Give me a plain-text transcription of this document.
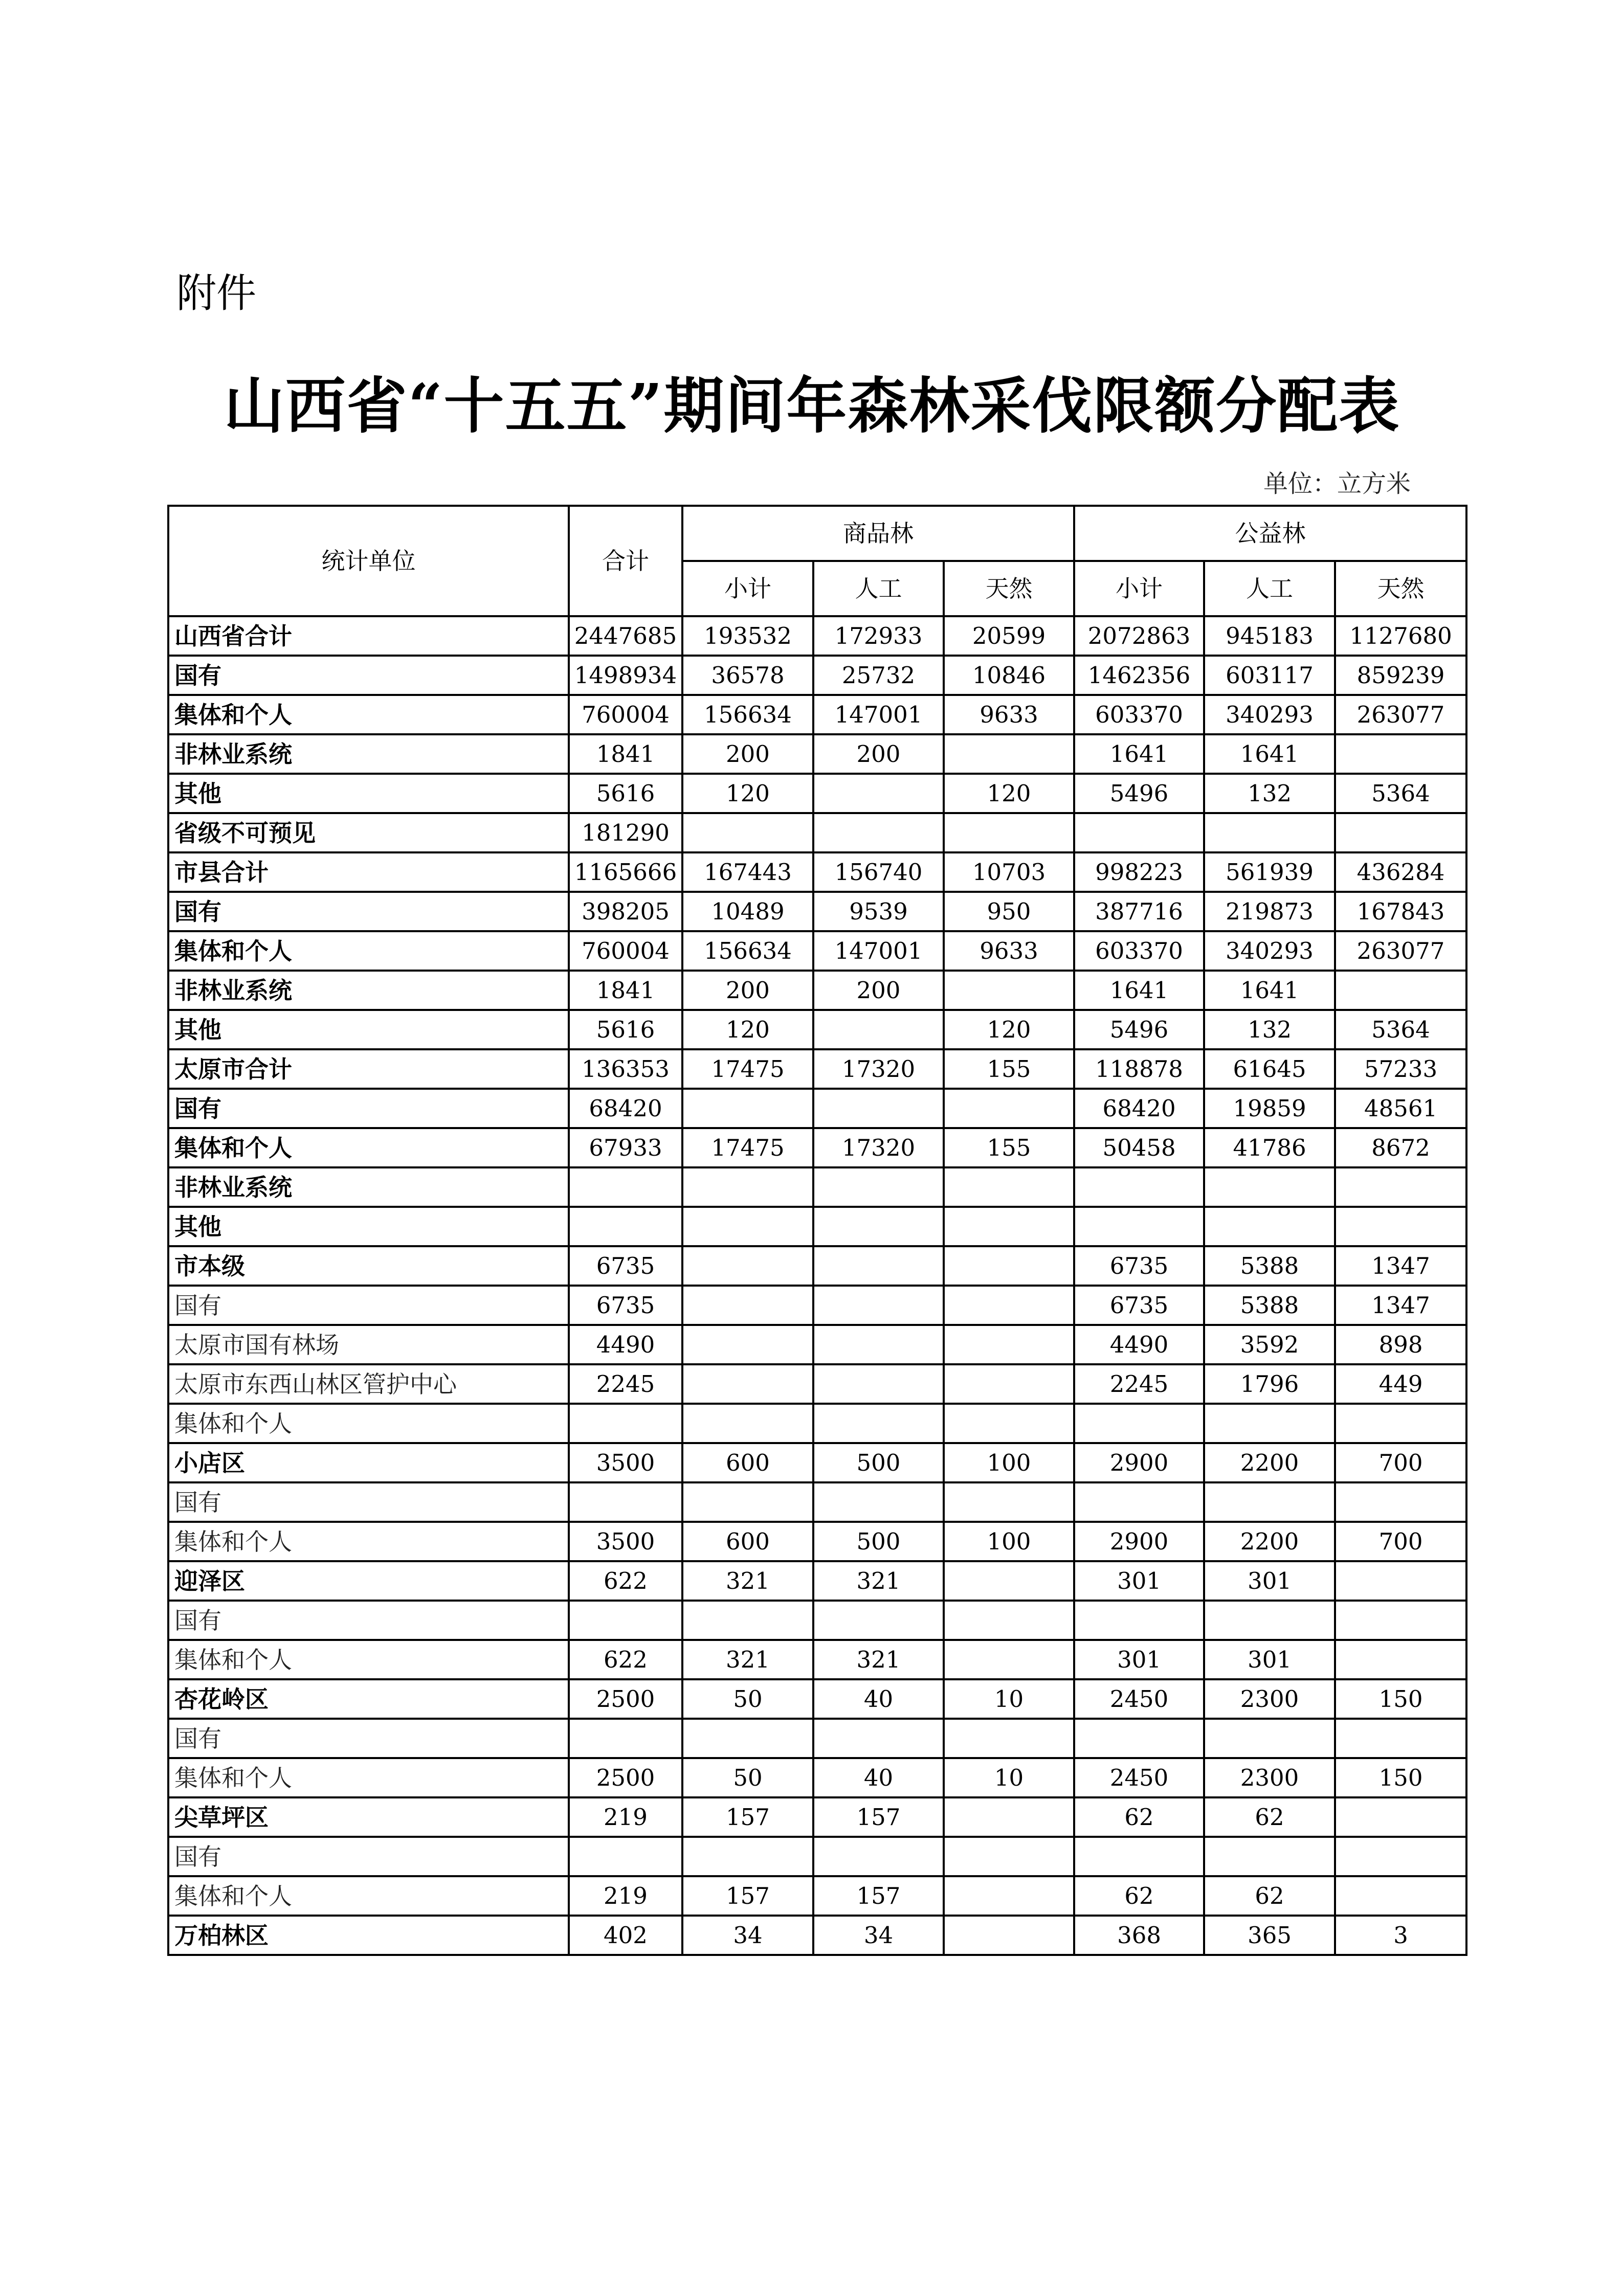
附件
山西省“十五五”期间年森林采伐限额分配表
单位：立方米
统计单位	合计	商品林			公益林		
		小计	人工	天然	小计	人工	天然
山西省合计	2447685	193532	172933	20599	2072863	945183	1127680
国有	1498934	36578	25732	10846	1462356	603117	859239
集体和个人	760004	156634	147001	9633	603370	340293	263077
非林业系统	1841	200	200		1641	1641	
其他	5616	120		120	5496	132	5364
省级不可预见	181290						
市县合计	1165666	167443	156740	10703	998223	561939	436284
国有	398205	10489	9539	950	387716	219873	167843
集体和个人	760004	156634	147001	9633	603370	340293	263077
非林业系统	1841	200	200		1641	1641	
其他	5616	120		120	5496	132	5364
太原市合计	136353	17475	17320	155	118878	61645	57233
国有	68420				68420	19859	48561
集体和个人	67933	17475	17320	155	50458	41786	8672
非林业系统							
其他							
市本级	6735				6735	5388	1347
国有	6735				6735	5388	1347
太原市国有林场	4490				4490	3592	898
太原市东西山林区管护中心	2245				2245	1796	449
集体和个人							
小店区	3500	600	500	100	2900	2200	700
国有							
集体和个人	3500	600	500	100	2900	2200	700
迎泽区	622	321	321		301	301	
国有							
集体和个人	622	321	321		301	301	
杏花岭区	2500	50	40	10	2450	2300	150
国有							
集体和个人	2500	50	40	10	2450	2300	150
尖草坪区	219	157	157		62	62	
国有							
集体和个人	219	157	157		62	62	
万柏林区	402	34	34		368	365	3
